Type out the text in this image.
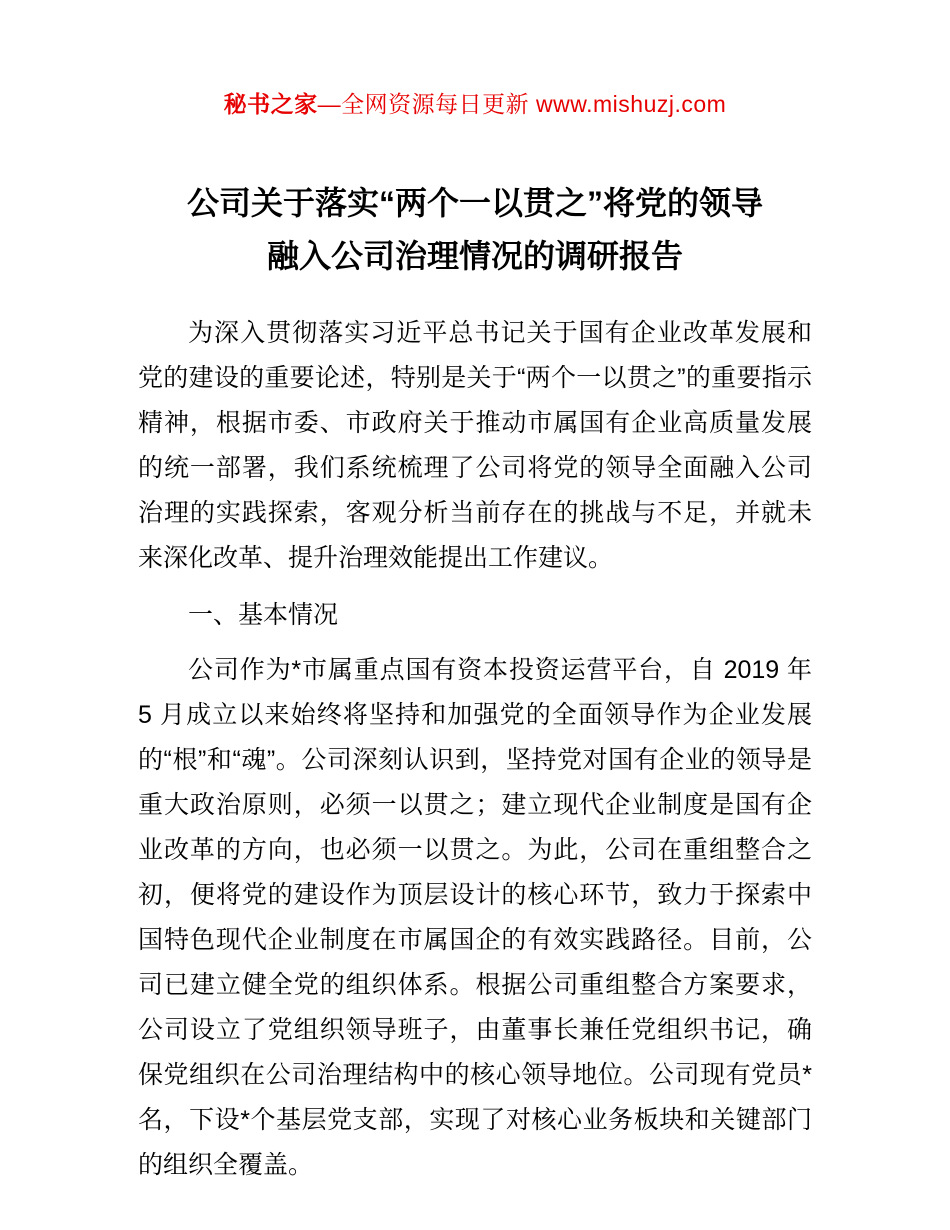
秘书之家—全网资源每日更新 www.mishuzj.com
公司关于落实“两个一以贯之”将党的领导
融入公司治理情况的调研报告

为深入贯彻落实习近平总书记关于国有企业改革发展和党的建设的重要论述，特别是关于“两个一以贯之”的重要指示精神，根据市委、市政府关于推动市属国有企业高质量发展的统一部署，我们系统梳理了公司将党的领导全面融入公司治理的实践探索，客观分析当前存在的挑战与不足，并就未来深化改革、提升治理效能提出工作建议。

一、基本情况

公司作为*市属重点国有资本投资运营平台，自 2019 年 5 月成立以来始终将坚持和加强党的全面领导作为企业发展的“根”和“魂”。公司深刻认识到，坚持党对国有企业的领导是重大政治原则，必须一以贯之；建立现代企业制度是国有企业改革的方向，也必须一以贯之。为此，公司在重组整合之初，便将党的建设作为顶层设计的核心环节，致力于探索中国特色现代企业制度在市属国企的有效实践路径。目前，公司已建立健全党的组织体系。根据公司重组整合方案要求，公司设立了党组织领导班子，由董事长兼任党组织书记，确保党组织在公司治理结构中的核心领导地位。公司现有党员*名，下设*个基层党支部，实现了对核心业务板块和关键部门的组织全覆盖。
